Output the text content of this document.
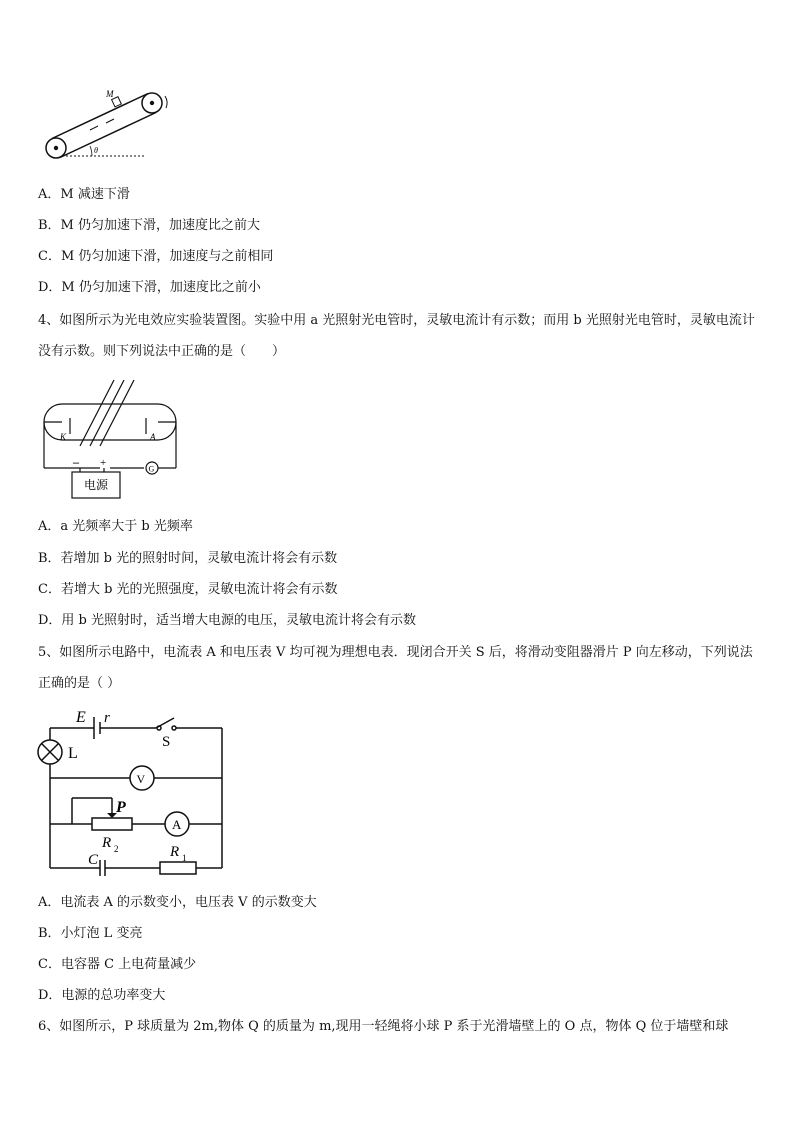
M
θ
A．M 减速下滑
B．M 仍匀加速下滑，加速度比之前大
C．M 仍匀加速下滑，加速度与之前相同
D．M 仍匀加速下滑，加速度比之前小
4、如图所示为光电效应实验装置图。实验中用 a 光照射光电管时，灵敏电流计有示数；而用 b 光照射光电管时，灵敏电流计没有示数。则下列说法中正确的是（　　）
K	A
– +	G
电源
A．a 光频率大于 b 光频率
B．若增加 b 光的照射时间，灵敏电流计将会有示数
C．若增大 b 光的光照强度，灵敏电流计将会有示数
D．用 b 光照射时，适当增大电源的电压，灵敏电流计将会有示数
5、如图所示电路中，电流表 A 和电压表 V 均可视为理想电表．现闭合开关 S 后，将滑动变阻器滑片 P 向左移动，下列说法正确的是（ ）
E r
S
L
V
P
A
R 2
C	R 1
A．电流表 A 的示数变小，电压表 V 的示数变大
B．小灯泡 L 变亮
C．电容器 C 上电荷量减少
D．电源的总功率变大
6、如图所示，P 球质量为 2m,物体 Q 的质量为 m,现用一轻绳将小球 P 系于光滑墙壁上的 O 点，物体 Q 位于墙壁和球
